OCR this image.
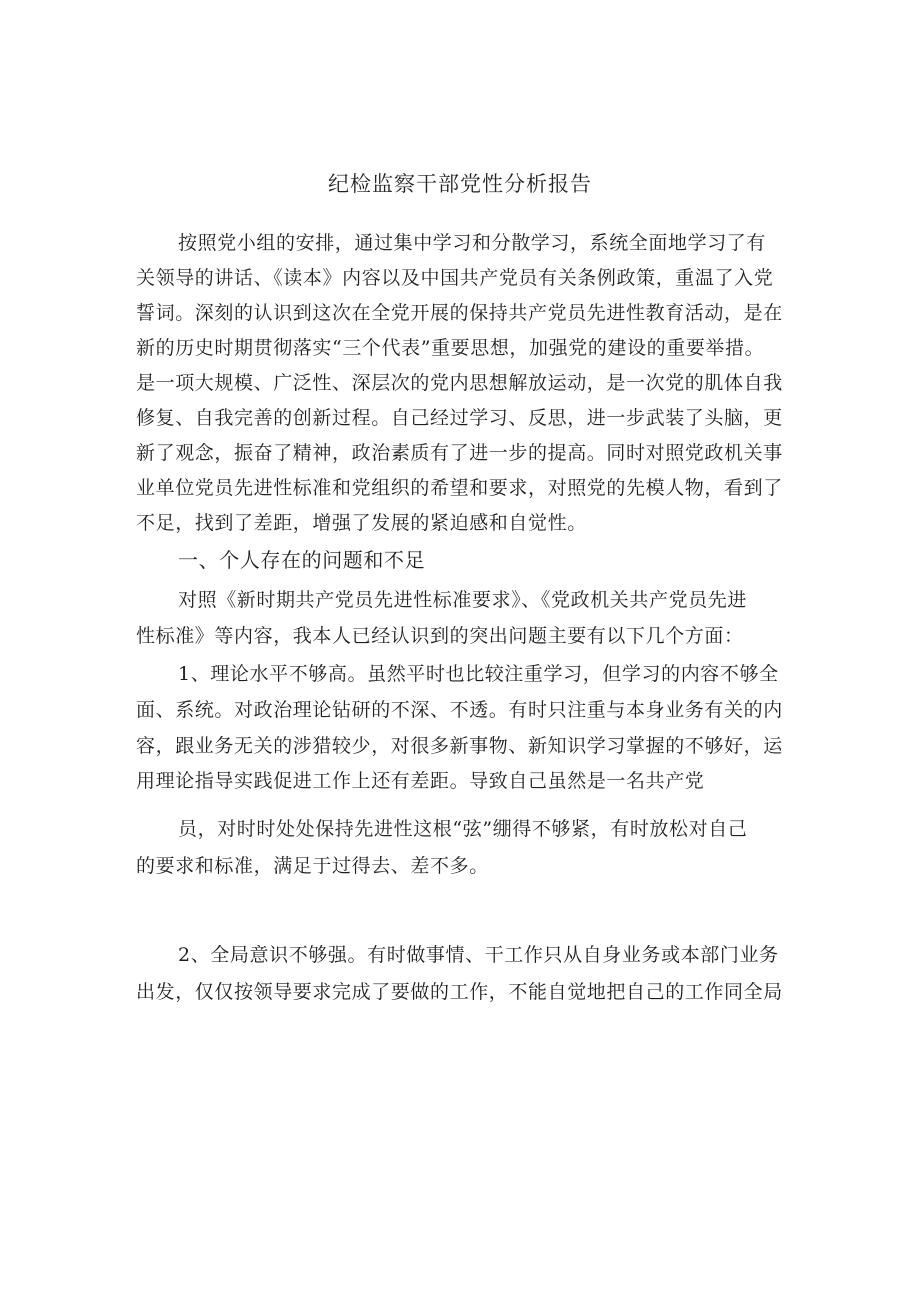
纪检监察干部党性分析报告
按照党小组的安排，通过集中学习和分散学习，系统全面地学习了有
关领导的讲话、《读本》内容以及中国共产党员有关条例政策，重温了入党
誓词。深刻的认识到这次在全党开展的保持共产党员先进性教育活动，是在
新的历史时期贯彻落实“三个代表”重要思想，加强党的建设的重要举措。
是一项大规模、广泛性、深层次的党内思想解放运动，是一次党的肌体自我
修复、自我完善的创新过程。自己经过学习、反思，进一步武装了头脑，更
新了观念，振奋了精神，政治素质有了进一步的提高。同时对照党政机关事
业单位党员先进性标准和党组织的希望和要求，对照党的先模人物，看到了
不足，找到了差距，增强了发展的紧迫感和自觉性。
一、个人存在的问题和不足
对照《新时期共产党员先进性标准要求》、《党政机关共产党员先进
性标准》等内容，我本人已经认识到的突出问题主要有以下几个方面：
1、理论水平不够高。虽然平时也比较注重学习，但学习的内容不够全
面、系统。对政治理论钻研的不深、不透。有时只注重与本身业务有关的内
容，跟业务无关的涉猎较少，对很多新事物、新知识学习掌握的不够好，运
用理论指导实践促进工作上还有差距。导致自己虽然是一名共产党
员，对时时处处保持先进性这根“弦”绷得不够紧，有时放松对自己
的要求和标准，满足于过得去、差不多。
2、全局意识不够强。有时做事情、干工作只从自身业务或本部门业务
出发，仅仅按领导要求完成了要做的工作，不能自觉地把自己的工作同全局
